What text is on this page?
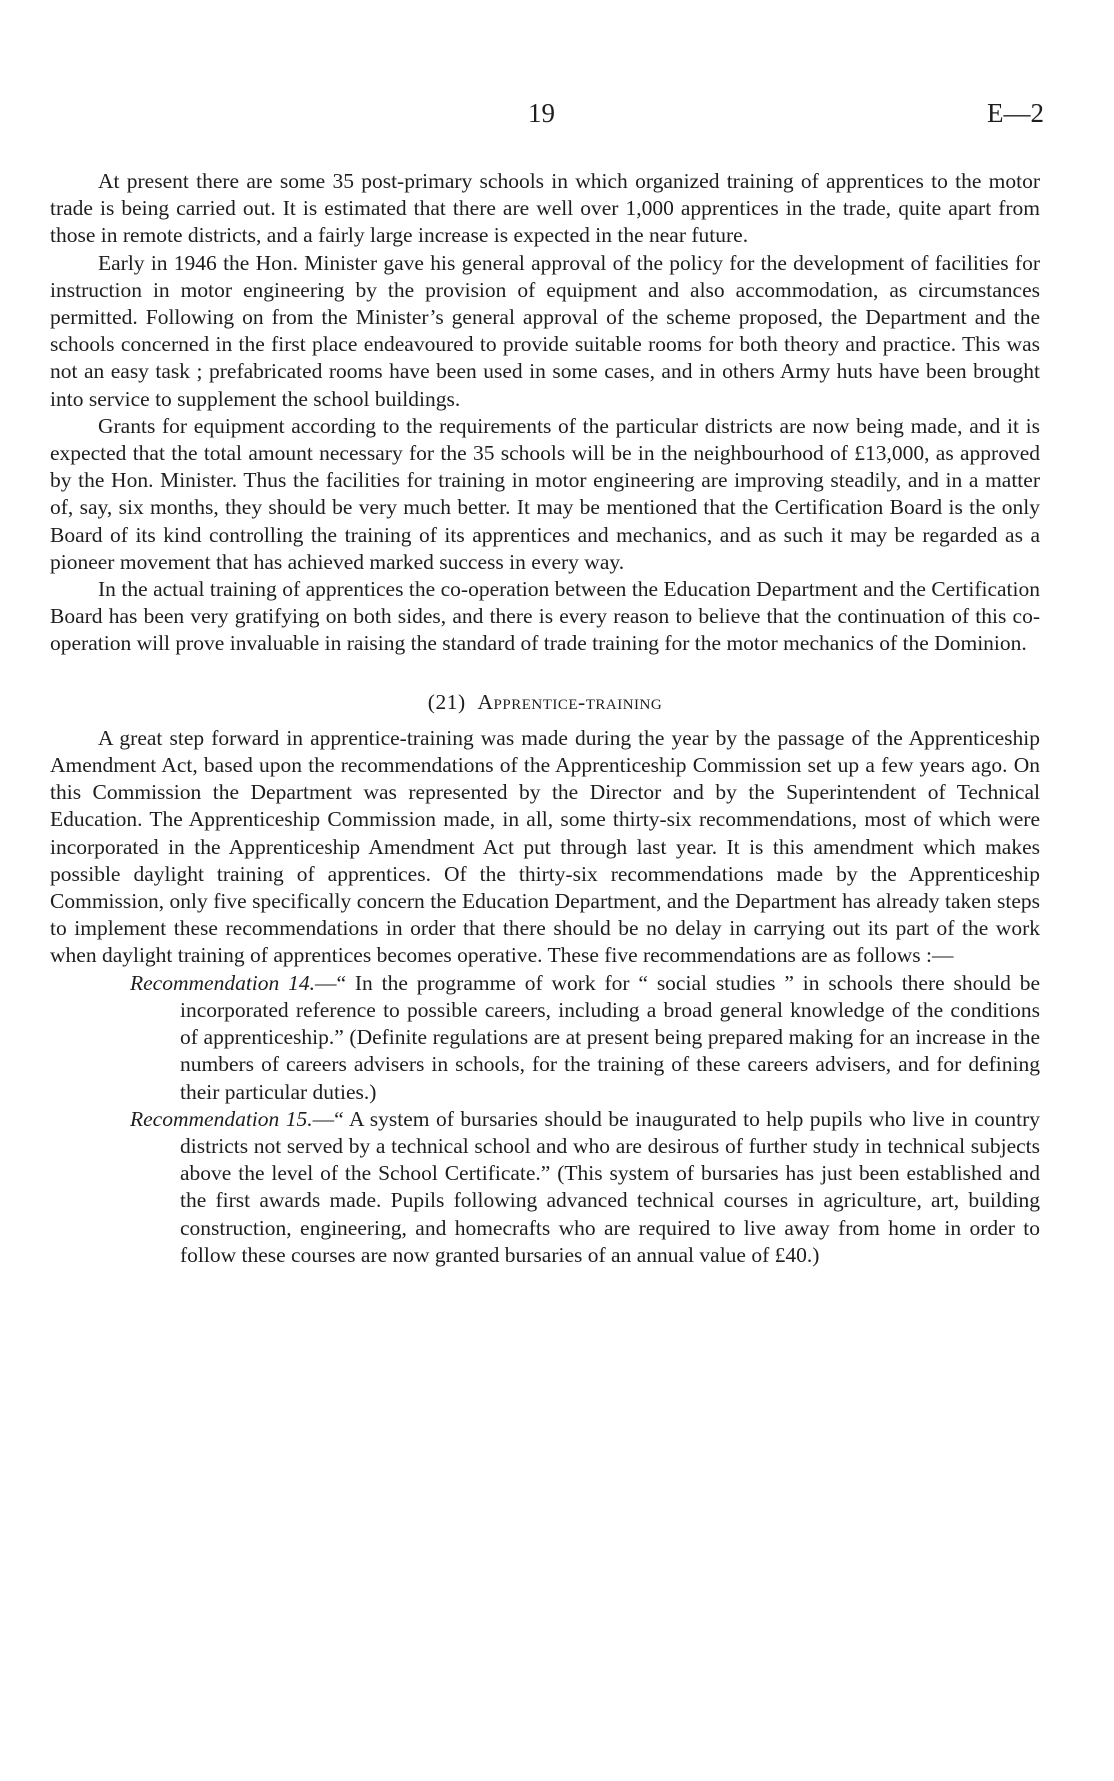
19	E—2

At present there are some 35 post-primary schools in which organized training of apprentices to the motor trade is being carried out. It is estimated that there are well over 1,000 apprentices in the trade, quite apart from those in remote districts, and a fairly large increase is expected in the near future.

Early in 1946 the Hon. Minister gave his general approval of the policy for the development of facilities for instruction in motor engineering by the provision of equipment and also accommodation, as circumstances permitted. Following on from the Minister’s general approval of the scheme proposed, the Department and the schools concerned in the first place endeavoured to provide suitable rooms for both theory and practice. This was not an easy task ; prefabricated rooms have been used in some cases, and in others Army huts have been brought into service to supplement the school buildings.

Grants for equipment according to the requirements of the particular districts are now being made, and it is expected that the total amount necessary for the 35 schools will be in the neighbourhood of £13,000, as approved by the Hon. Minister. Thus the facilities for training in motor engineering are improving steadily, and in a matter of, say, six months, they should be very much better. It may be mentioned that the Certification Board is the only Board of its kind controlling the training of its apprentices and mechanics, and as such it may be regarded as a pioneer movement that has achieved marked success in every way.

In the actual training of apprentices the co-operation between the Education Department and the Certification Board has been very gratifying on both sides, and there is every reason to believe that the continuation of this co-operation will prove invaluable in raising the standard of trade training for the motor mechanics of the Dominion.

(21) Apprentice-training

A great step forward in apprentice-training was made during the year by the passage of the Apprenticeship Amendment Act, based upon the recommendations of the Apprenticeship Commission set up a few years ago. On this Commission the Department was represented by the Director and by the Superintendent of Technical Education. The Apprenticeship Commission made, in all, some thirty-six recommendations, most of which were incorporated in the Apprenticeship Amendment Act put through last year. It is this amendment which makes possible daylight training of apprentices. Of the thirty-six recommendations made by the Apprenticeship Commission, only five specifically concern the Education Department, and the Department has already taken steps to implement these recommendations in order that there should be no delay in carrying out its part of the work when daylight training of apprentices becomes operative. These five recommendations are as follows :—

Recommendation 14.—“ In the programme of work for “ social studies ” in schools there should be incorporated reference to possible careers, including a broad general knowledge of the conditions of apprenticeship.” (Definite regulations are at present being prepared making for an increase in the numbers of careers advisers in schools, for the training of these careers advisers, and for defining their particular duties.)
Recommendation 15.—“ A system of bursaries should be inaugurated to help pupils who live in country districts not served by a technical school and who are desirous of further study in technical subjects above the level of the School Certificate.” (This system of bursaries has just been established and the first awards made. Pupils following advanced technical courses in agriculture, art, building construction, engineering, and homecrafts who are required to live away from home in order to follow these courses are now granted bursaries of an annual value of £40.)
